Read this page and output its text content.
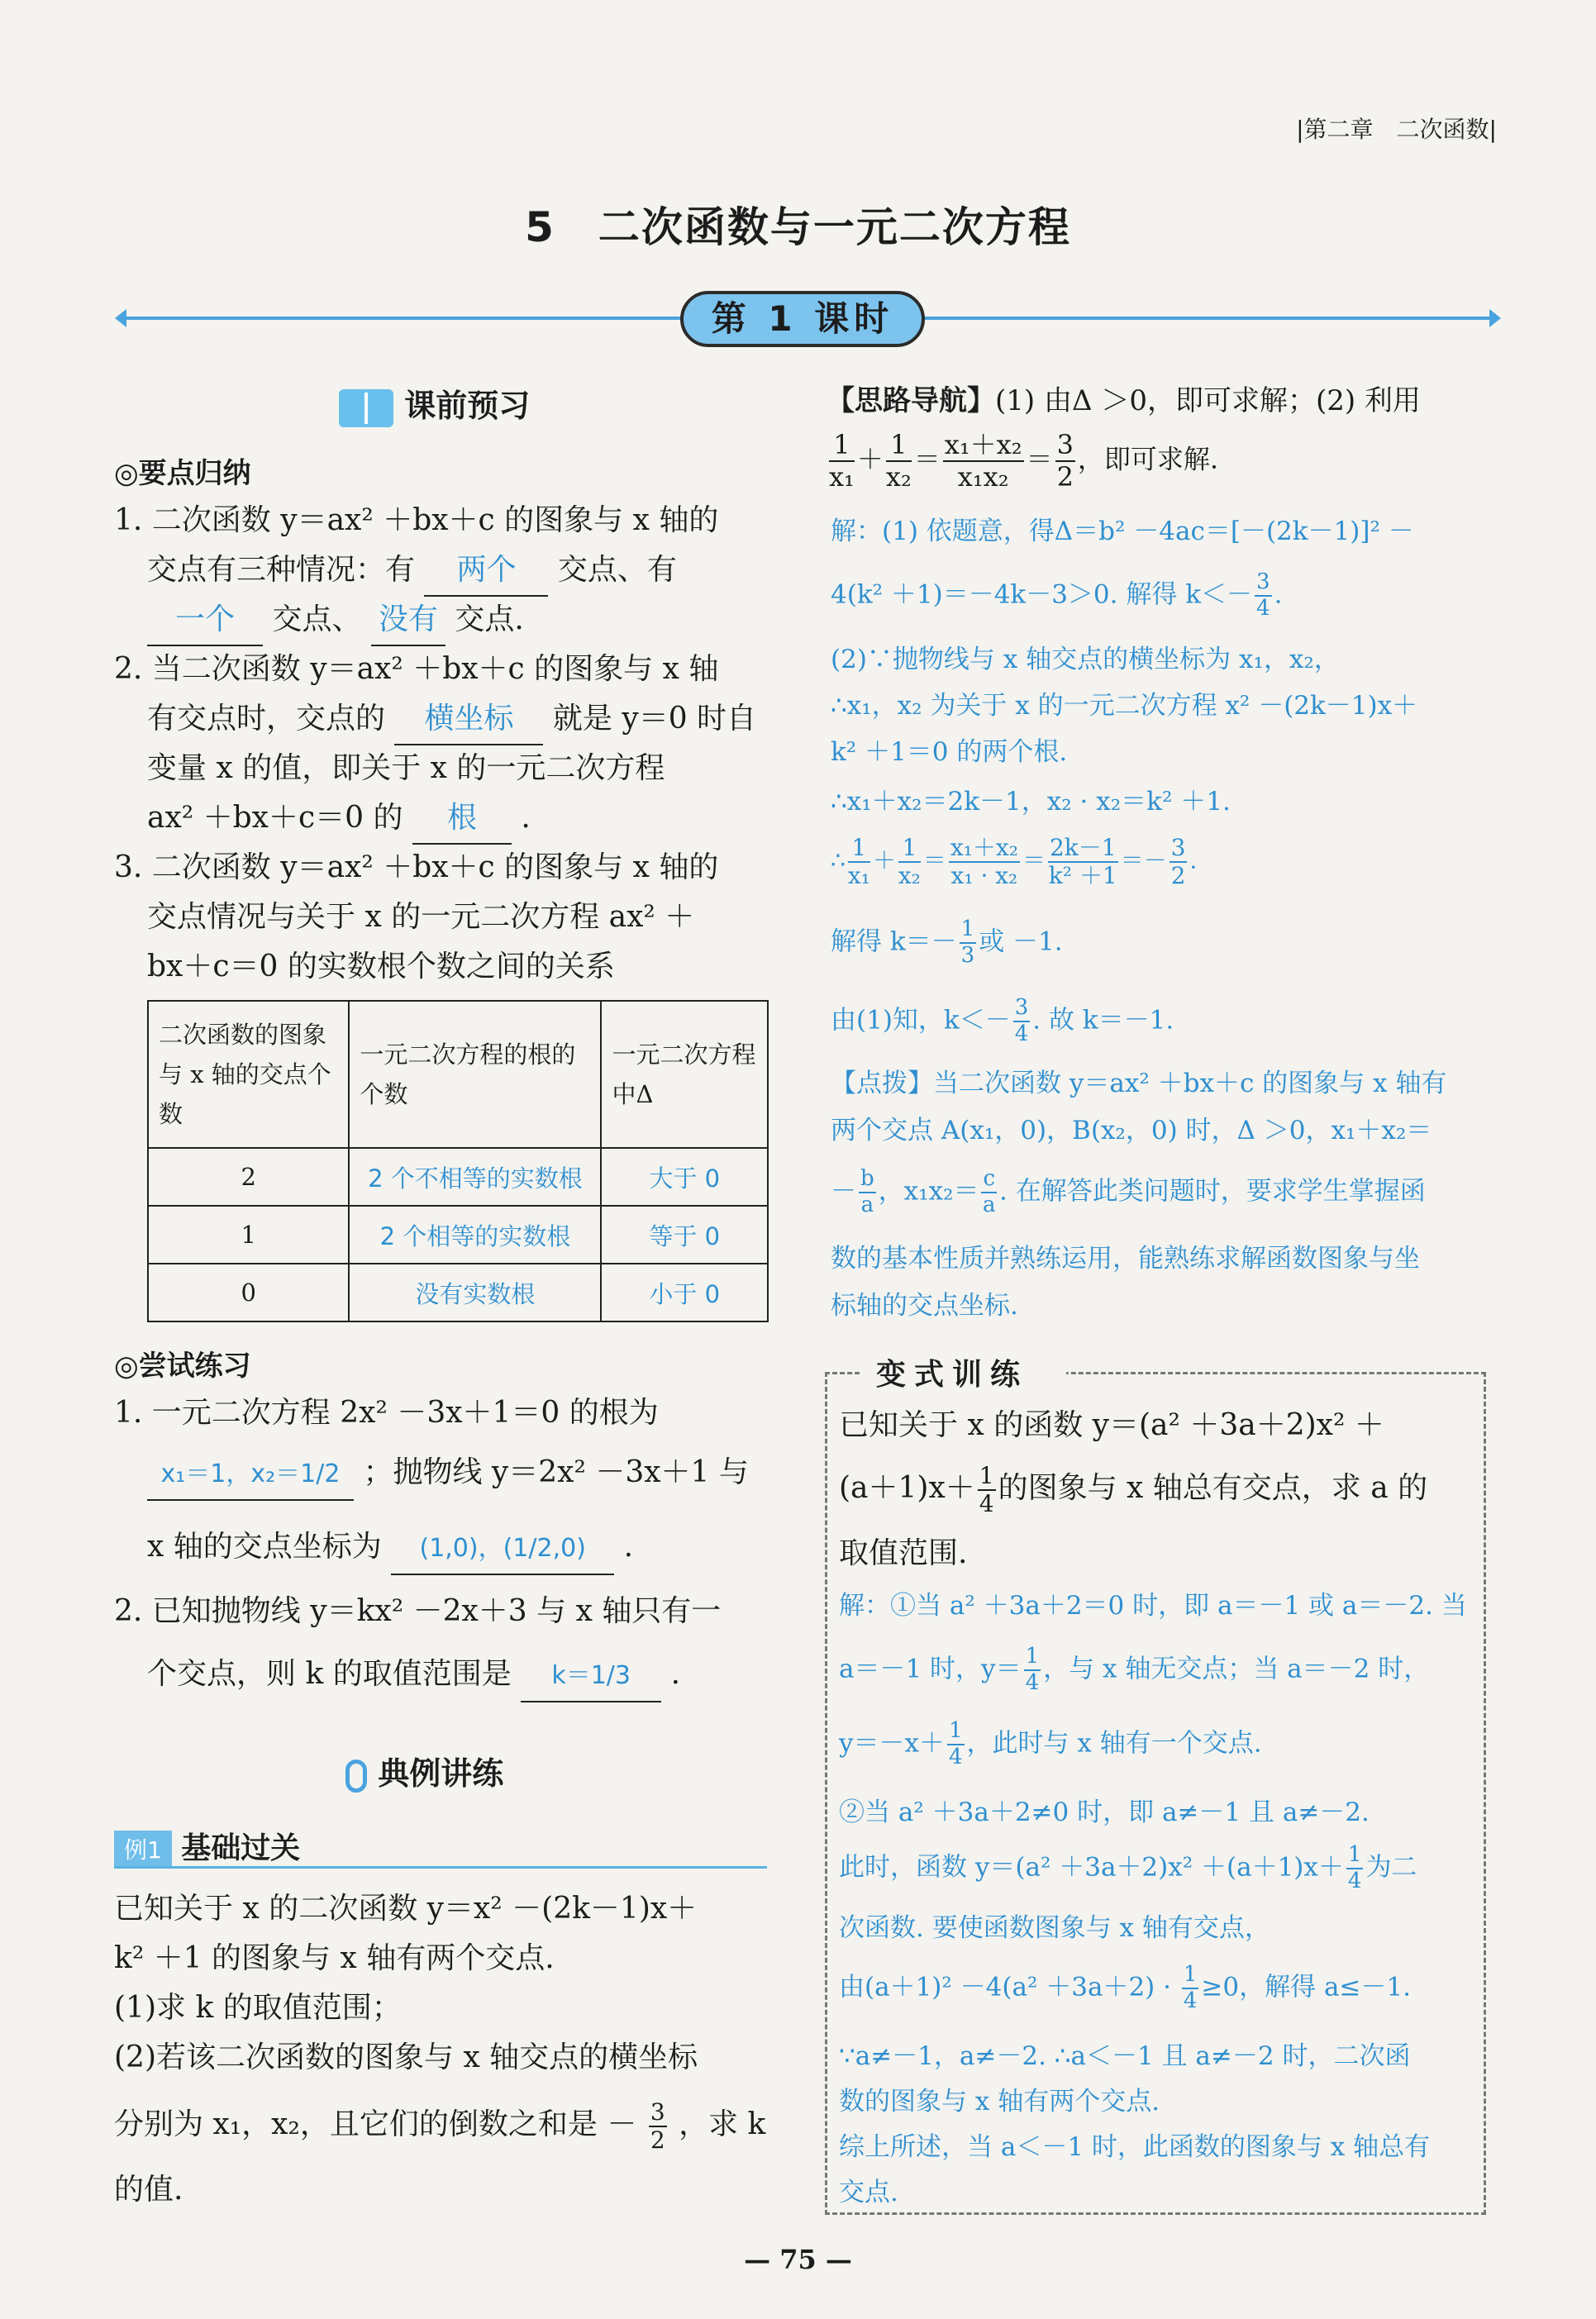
|第二章　二次函数|
5　二次函数与一元二次方程
第 1 课时
课前预习
◎要点归纳
1. 二次函数 y＝ax² ＋bx＋c 的图象与 x 轴的
交点有三种情况：有 两个 交点、有
一个 交点、 没有 交点.
2. 当二次函数 y＝ax² ＋bx＋c 的图象与 x 轴
有交点时，交点的 横坐标 就是 y＝0 时自
变量 x 的值，即关于 x 的一元二次方程
ax² ＋bx＋c＝0 的 根 .
3. 二次函数 y＝ax² ＋bx＋c 的图象与 x 轴的
交点情况与关于 x 的一元二次方程 ax² ＋
bx＋c＝0 的实数根个数之间的关系
二次函数的图象与 x 轴的交点个数	一元二次方程的根的个数	一元二次方程中Δ
2	2 个不相等的实数根	大于 0
1	2 个相等的实数根	等于 0
0	没有实数根	小于 0
◎尝试练习
1. 一元二次方程 2x² －3x＋1＝0 的根为
x₁＝1，x₂＝1/2 ；抛物线 y＝2x² －3x＋1 与
x 轴的交点坐标为 (1,0)，(1/2,0) .
2. 已知抛物线 y＝kx² －2x＋3 与 x 轴只有一
个交点，则 k 的取值范围是 k＝1/3 .
典例讲练
例1 基础过关
已知关于 x 的二次函数 y＝x² －(2k－1)x＋
k² ＋1 的图象与 x 轴有两个交点.
(1)求 k 的取值范围；
(2)若该二次函数的图象与 x 轴交点的横坐标
分别为 x₁，x₂，且它们的倒数之和是 － $\frac{3}{2}$ ，求 k
的值.
【思路导航】(1) 由Δ ＞0，即可求解；(2) 利用
$\frac{1}{\text{x₁}} + \frac{1}{\text{x₂}} = \frac{\text{x₁＋x₂}}{\text{x₁x₂}} = \frac{3}{2}$ ，即可求解.
解：(1) 依题意，得Δ＝b² －4ac＝[－(2k－1)]² －
4(k² ＋1)＝－4k－3＞0. 解得 $k<- \frac{3}{4}$ .
(2)∵抛物线与 x 轴交点的横坐标为 x₁，x₂，
∴x₁，x₂ 为关于 x 的一元二次方程 x² －(2k－1)x＋
k² ＋1＝0 的两个根.
∴x₁＋x₂＝2k－1，x₂ · x₂＝k² ＋1.
∴ $\frac{1}{\text{x₁}} + \frac{1}{\text{x₂}} = \frac{\text{x₁＋x₂}}{\text{x₁ · x₂}} = \frac{2k-1}{\text{k² ＋1}} =- \frac{3}{2}$ .
解得 $k=- \frac{1}{3}$ 或 －1.
由(1)知，$k<- \frac{3}{4}$ . 故 k＝－1.
【点拨】当二次函数 y＝ax² ＋bx＋c 的图象与 x 轴有
两个交点 A(x₁，0)，B(x₂，0) 时，Δ ＞0，x₁＋x₂＝
－ $\frac{b}{a}$ ，$x_1x_2= \frac{c}{a}$ . 在解答此类问题时，要求学生掌握函
数的基本性质并熟练运用，能熟练求解函数图象与坐
标轴的交点坐标.
变式训练
已知关于 x 的函数 y＝(a² ＋3a＋2)x² ＋
$(a+1)x+ \frac{1}{4}$ 的图象与 x 轴总有交点，求 a 的
取值范围.
解：①当 a² ＋3a＋2＝0 时，即 a＝－1 或 a＝－2. 当
a＝－1 时，$y= \frac{1}{4}$ ，与 x 轴无交点；当 a＝－2 时，
$y=-x+ \frac{1}{4}$ ，此时与 x 轴有一个交点.
②当 a² ＋3a＋2≠0 时，即 a≠－1 且 a≠－2.
此时，函数 $y=(a^2 +3a+2)x^2 +(a+1)x+ \frac{1}{4}$ 为二
次函数. 要使函数图象与 x 轴有交点，
由$(a+1)^2 -4(a^2 +3a+2) \cdot \frac{1}{4} \ge 0$，解得 a≤－1.
∵a≠－1，a≠－2. ∴a＜－1 且 a≠－2 时，二次函
数的图象与 x 轴有两个交点.
综上所述，当 a＜－1 时，此函数的图象与 x 轴总有
交点.
— 75 —
